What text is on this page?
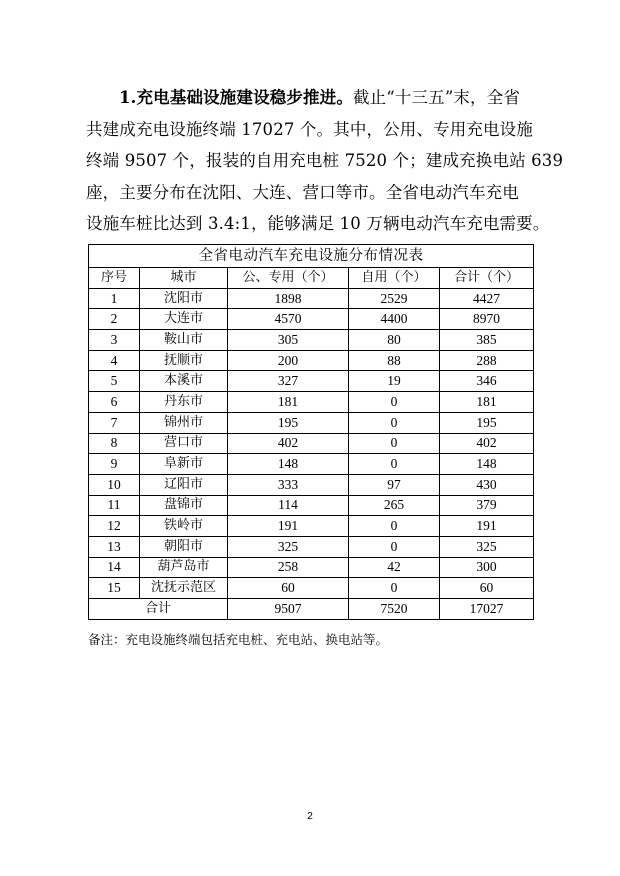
1.充电基础设施建设稳步推进。截止“十三五”末，全省
共建成充电设施终端 17027 个。其中，公用、专用充电设施
终端 9507 个，报装的自用充电桩 7520 个；建成充换电站 639
座，主要分布在沈阳、大连、营口等市。全省电动汽车充电
设施车桩比达到 3.4:1，能够满足 10 万辆电动汽车充电需要。
全省电动汽车充电设施分布情况表				
序号	城市	公、专用（个）	自用（个）	合计（个）
1	沈阳市	1898	2529	4427
2	大连市	4570	4400	8970
3	鞍山市	305	80	385
4	抚顺市	200	88	288
5	本溪市	327	19	346
6	丹东市	181	0	181
7	锦州市	195	0	195
8	营口市	402	0	402
9	阜新市	148	0	148
10	辽阳市	333	97	430
11	盘锦市	114	265	379
12	铁岭市	191	0	191
13	朝阳市	325	0	325
14	葫芦岛市	258	42	300
15	沈抚示范区	60	0	60
合计		9507	7520	17027
备注：充电设施终端包括充电桩、充电站、换电站等。
2
